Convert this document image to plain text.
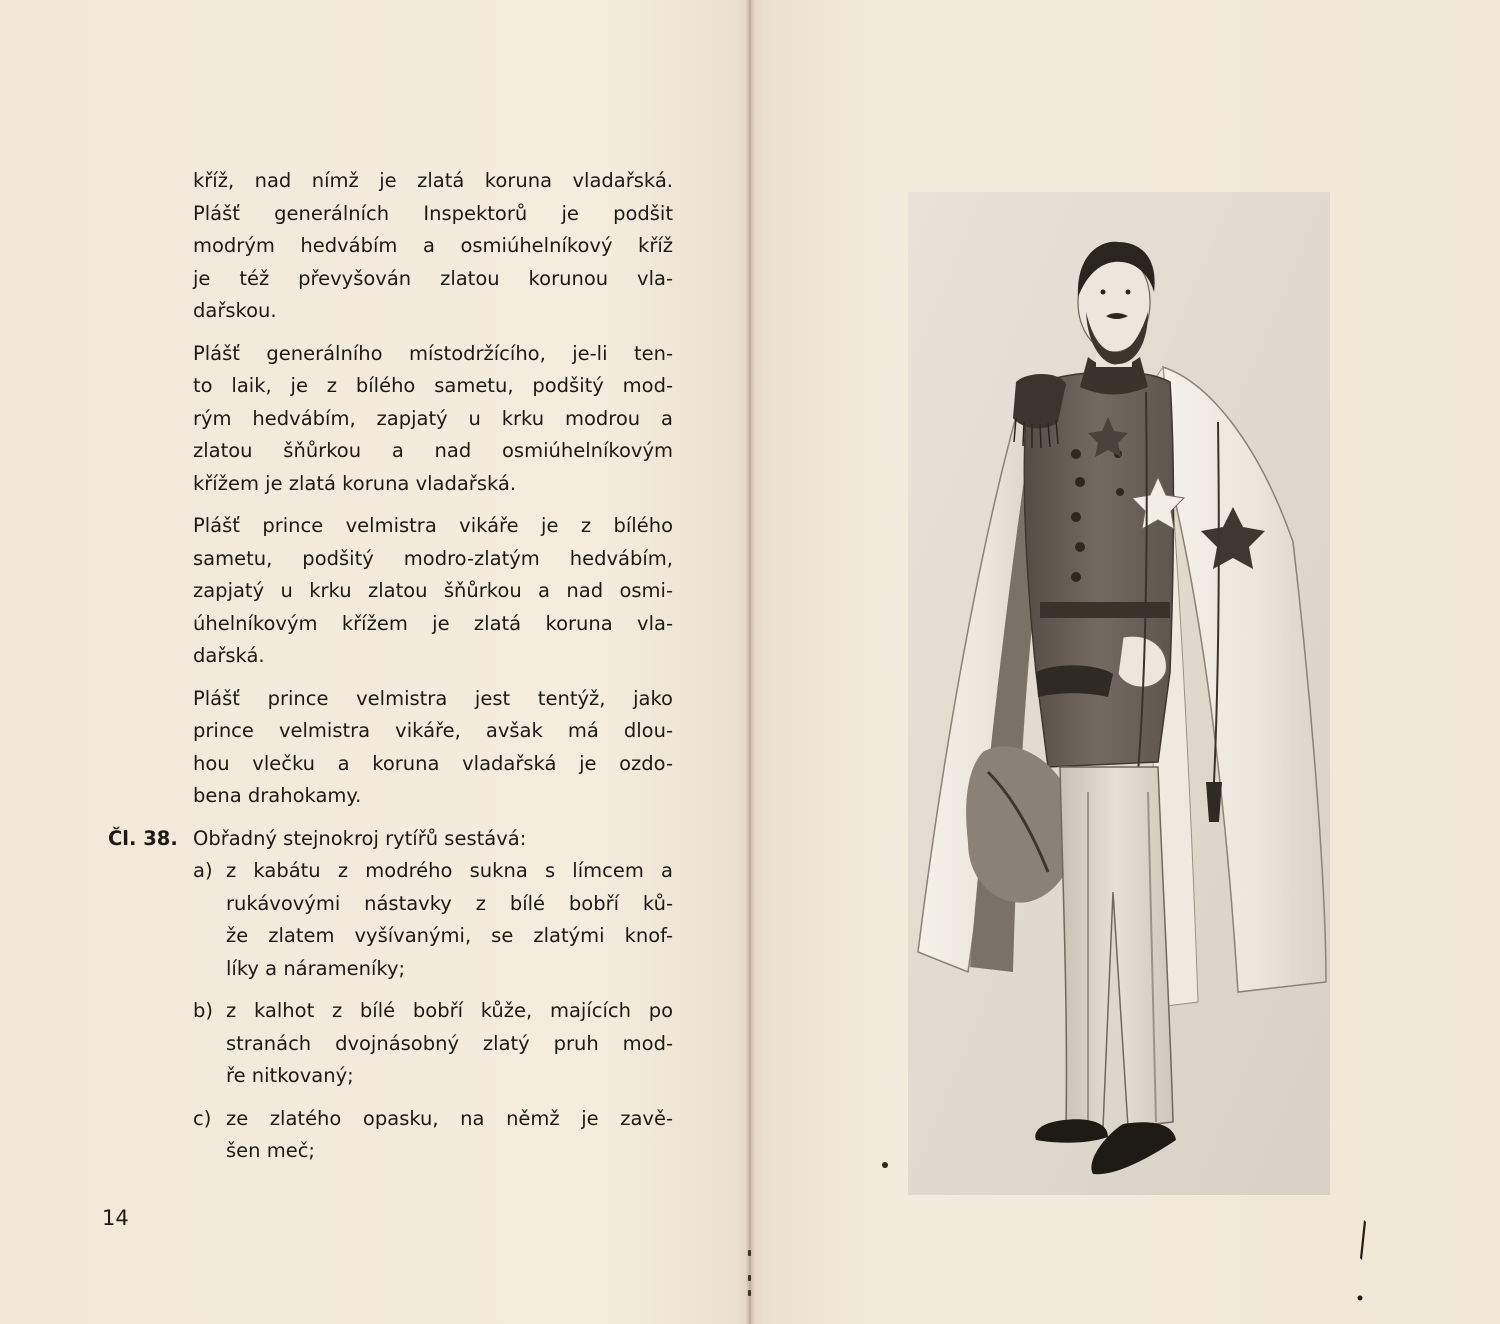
kříž, nad nímž je zlatá koruna vladařská.
Plášť generálních Inspektorů je podšit
modrým hedvábím a osmiúhelníkový kříž
je též převyšován zlatou korunou vla-
dařskou.
Plášť generálního místodržícího, je-li ten-
to laik, je z bílého sametu, podšitý mod-
rým hedvábím, zapjatý u krku modrou a
zlatou šňůrkou a nad osmiúhelníkovým
křížem je zlatá koruna vladařská.
Plášť prince velmistra vikáře je z bílého
sametu, podšitý modro-zlatým hedvábím,
zapjatý u krku zlatou šňůrkou a nad osmi-
úhelníkovým křížem je zlatá koruna vla-
dařská.
Plášť prince velmistra jest tentýž, jako
prince velmistra vikáře, avšak má dlou-
hou vlečku a koruna vladařská je ozdo-
bena drahokamy.
Čl. 38. Obřadný stejnokroj rytířů sestává:
a) z kabátu z modrého sukna s límcem a
rukávovými nástavky z bílé bobří ků-
že zlatem vyšívanými, se zlatými knof-
líky a nárameníky;
b) z kalhot z bílé bobří kůže, majících po
stranách dvojnásobný zlatý pruh mod-
ře nitkovaný;
c) ze zlatého opasku, na němž je zavě-
šen meč;
14
